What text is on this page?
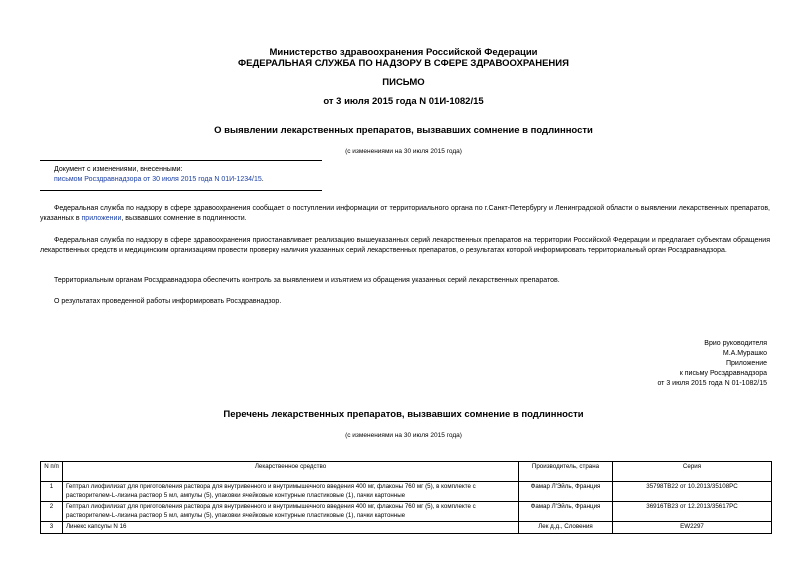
Министерство здравоохранения Российской Федерации
ФЕДЕРАЛЬНАЯ СЛУЖБА ПО НАДЗОРУ В СФЕРЕ ЗДРАВООХРАНЕНИЯ
ПИСЬМО
от 3 июля 2015 года N 01И-1082/15
О выявлении лекарственных препаратов, вызвавших сомнение в подлинности
(с изменениями на 30 июля 2015 года)
Документ с изменениями, внесенными:
письмом Росздравнадзора от 30 июля 2015 года N 01И-1234/15.
Федеральная служба по надзору в сфере здравоохранения сообщает о поступлении информации от территориального органа по г.Санкт-Петербургу и Ленинградской области о выявлении лекарственных препаратов, указанных в приложении, вызвавших сомнение в подлинности.
Федеральная служба по надзору в сфере здравоохранения приостанавливает реализацию вышеуказанных серий лекарственных препаратов на территории Российской Федерации и предлагает субъектам обращения лекарственных средств и медицинским организациям провести проверку наличия указанных серий лекарственных препаратов, о результатах которой информировать территориальный орган Росздравнадзора.
Территориальным органам Росздравнадзора обеспечить контроль за выявлением и изъятием из обращения указанных серий лекарственных препаратов.
О результатах проведенной работы информировать Росздравнадзор.
Врио руководителя
М.А.Мурашко
Приложение
к письму Росздравнадзора
от 3 июля 2015 года N 01-1082/15
Перечень лекарственных препаратов, вызвавших сомнение в подлинности
(с изменениями на 30 июля 2015 года)
N п/п	Лекарственное средство	Производитель, страна	Серия
1	Гептрал лиофилизат для приготовления раствора для внутривенного и внутримышечного введения 400 мг, флаконы 760 мг (5), в комплекте с растворителем-L-лизина раствор 5 мл, ампулы (5), упаковки ячейковые контурные пластиковые (1), пачки картонные	Фамар Л'Эйль, Франция	35798ТВ22 от 10.2013/35108PC
2	Гептрал лиофилизат для приготовления раствора для внутривенного и внутримышечного введения 400 мг, флаконы 760 мг (5), в комплекте с растворителем-L-лизина раствор 5 мл, ампулы (5), упаковки ячейковые контурные пластиковые (1), пачки картонные	Фамар Л'Эйль, Франция	36916ТВ23 от 12.2013/35617PC
3	Линекс капсулы N 16	Лек д.д., Словения	EW2297
